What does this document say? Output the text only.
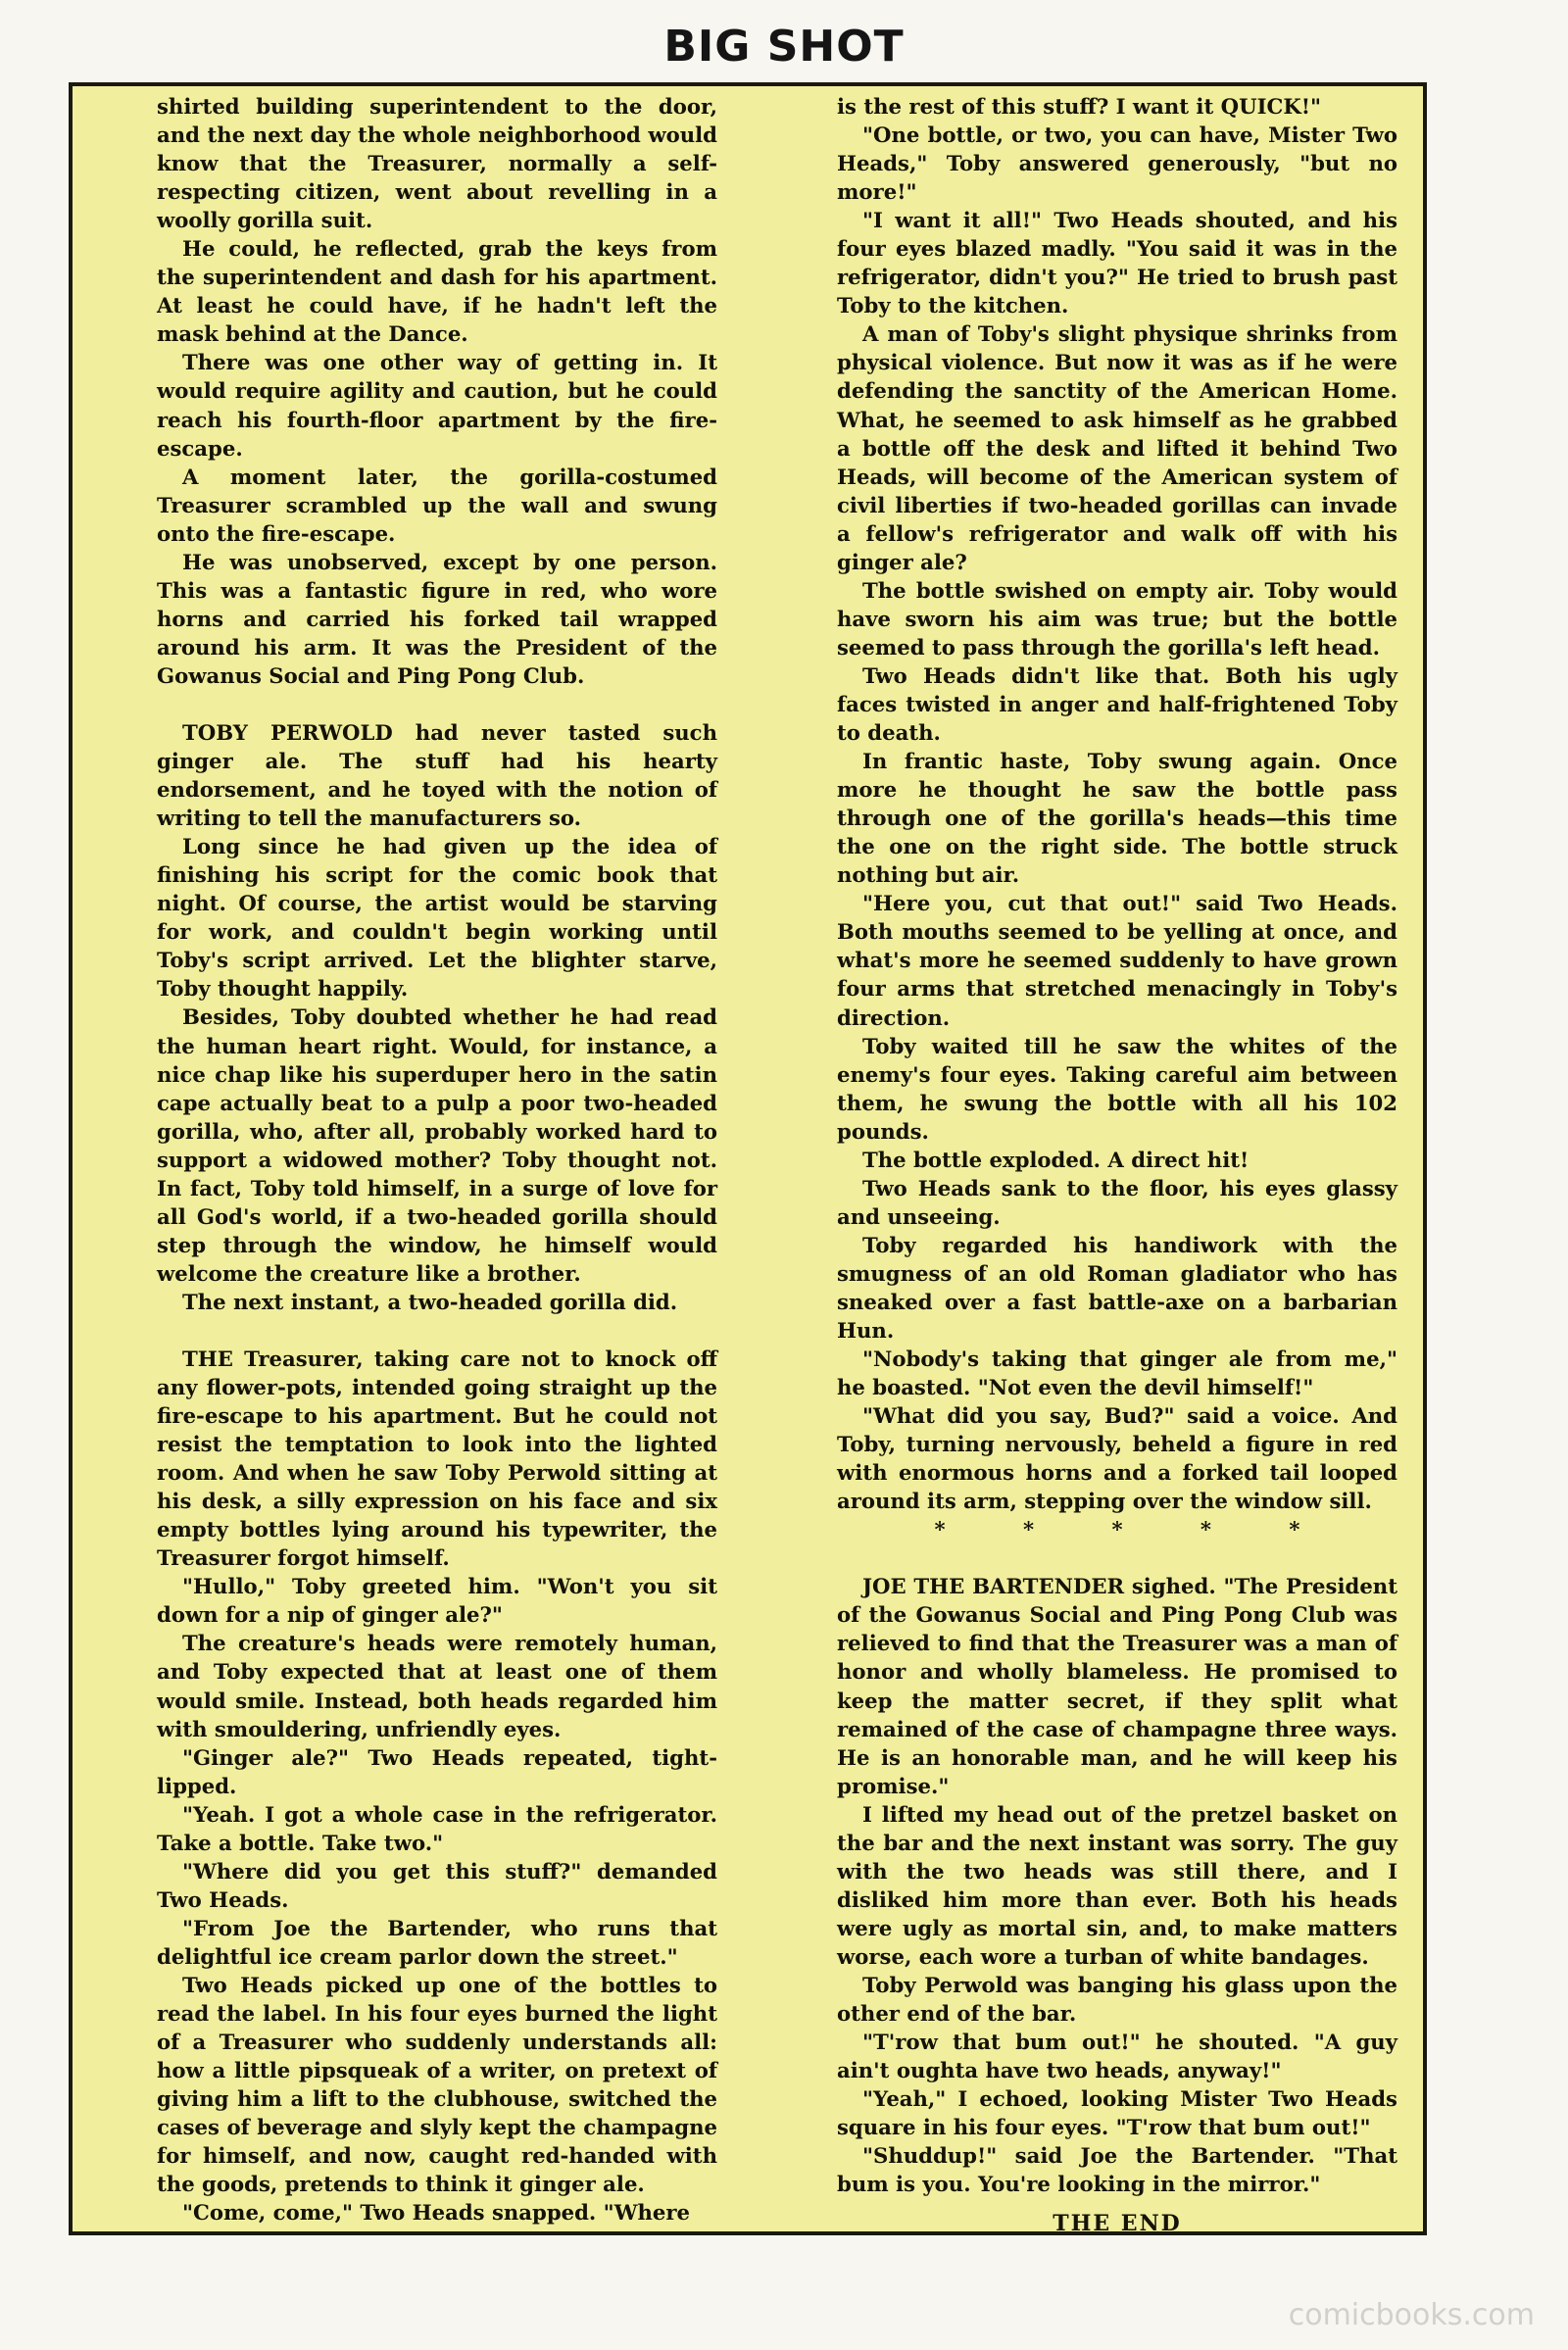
BIG SHOT

shirted building superintendent to the door, and the next day the whole neighborhood would know that the Treasurer, normally a self-respecting citizen, went about revelling in a woolly gorilla suit.

He could, he reflected, grab the keys from the superintendent and dash for his apartment. At least he could have, if he hadn't left the mask behind at the Dance.

There was one other way of getting in. It would require agility and caution, but he could reach his fourth-floor apartment by the fire-escape.

A moment later, the gorilla-costumed Treasurer scrambled up the wall and swung onto the fire-escape.

He was unobserved, except by one person. This was a fantastic figure in red, who wore horns and carried his forked tail wrapped around his arm. It was the President of the Gowanus Social and Ping Pong Club.

TOBY PERWOLD had never tasted such ginger ale. The stuff had his hearty endorsement, and he toyed with the notion of writing to tell the manufacturers so.

Long since he had given up the idea of finishing his script for the comic book that night. Of course, the artist would be starving for work, and couldn't begin working until Toby's script arrived. Let the blighter starve, Toby thought happily.

Besides, Toby doubted whether he had read the human heart right. Would, for instance, a nice chap like his superduper hero in the satin cape actually beat to a pulp a poor two-headed gorilla, who, after all, probably worked hard to support a widowed mother? Toby thought not. In fact, Toby told himself, in a surge of love for all God's world, if a two-headed gorilla should step through the window, he himself would welcome the creature like a brother.

The next instant, a two-headed gorilla did.

THE Treasurer, taking care not to knock off any flower-pots, intended going straight up the fire-escape to his apartment. But he could not resist the temptation to look into the lighted room. And when he saw Toby Perwold sitting at his desk, a silly expression on his face and six empty bottles lying around his typewriter, the Treasurer forgot himself.

"Hullo," Toby greeted him. "Won't you sit down for a nip of ginger ale?"

The creature's heads were remotely human, and Toby expected that at least one of them would smile. Instead, both heads regarded him with smouldering, unfriendly eyes.

"Ginger ale?" Two Heads repeated, tight-lipped.

"Yeah. I got a whole case in the refrigerator. Take a bottle. Take two."

"Where did you get this stuff?" demanded Two Heads.

"From Joe the Bartender, who runs that delightful ice cream parlor down the street."

Two Heads picked up one of the bottles to read the label. In his four eyes burned the light of a Treasurer who suddenly understands all: how a little pipsqueak of a writer, on pretext of giving him a lift to the clubhouse, switched the cases of beverage and slyly kept the champagne for himself, and now, caught red-handed with the goods, pretends to think it ginger ale.

"Come, come," Two Heads snapped. "Where

is the rest of this stuff? I want it QUICK!"

"One bottle, or two, you can have, Mister Two Heads," Toby answered generously, "but no more!"

"I want it all!" Two Heads shouted, and his four eyes blazed madly. "You said it was in the refrigerator, didn't you?" He tried to brush past Toby to the kitchen.

A man of Toby's slight physique shrinks from physical violence. But now it was as if he were defending the sanctity of the American Home. What, he seemed to ask himself as he grabbed a bottle off the desk and lifted it behind Two Heads, will become of the American system of civil liberties if two-headed gorillas can invade a fellow's refrigerator and walk off with his ginger ale?

The bottle swished on empty air. Toby would have sworn his aim was true; but the bottle seemed to pass through the gorilla's left head.

Two Heads didn't like that. Both his ugly faces twisted in anger and half-frightened Toby to death.

In frantic haste, Toby swung again. Once more he thought he saw the bottle pass through one of the gorilla's heads—this time the one on the right side. The bottle struck nothing but air.

"Here you, cut that out!" said Two Heads. Both mouths seemed to be yelling at once, and what's more he seemed suddenly to have grown four arms that stretched menacingly in Toby's direction.

Toby waited till he saw the whites of the enemy's four eyes. Taking careful aim between them, he swung the bottle with all his 102 pounds.

The bottle exploded. A direct hit!

Two Heads sank to the floor, his eyes glassy and unseeing.

Toby regarded his handiwork with the smugness of an old Roman gladiator who has sneaked over a fast battle-axe on a barbarian Hun.

"Nobody's taking that ginger ale from me," he boasted. "Not even the devil himself!"

"What did you say, Bud?" said a voice. And Toby, turning nervously, beheld a figure in red with enormous horns and a forked tail looped around its arm, stepping over the window sill.

* * * * *

JOE THE BARTENDER sighed. "The President of the Gowanus Social and Ping Pong Club was relieved to find that the Treasurer was a man of honor and wholly blameless. He promised to keep the matter secret, if they split what remained of the case of champagne three ways. He is an honorable man, and he will keep his promise."

I lifted my head out of the pretzel basket on the bar and the next instant was sorry. The guy with the two heads was still there, and I disliked him more than ever. Both his heads were ugly as mortal sin, and, to make matters worse, each wore a turban of white bandages.

Toby Perwold was banging his glass upon the other end of the bar.

"T'row that bum out!" he shouted. "A guy ain't oughta have two heads, anyway!"

"Yeah," I echoed, looking Mister Two Heads square in his four eyes. "T'row that bum out!"

"Shuddup!" said Joe the Bartender. "That bum is you. You're looking in the mirror."

THE END
comicbooks.com
